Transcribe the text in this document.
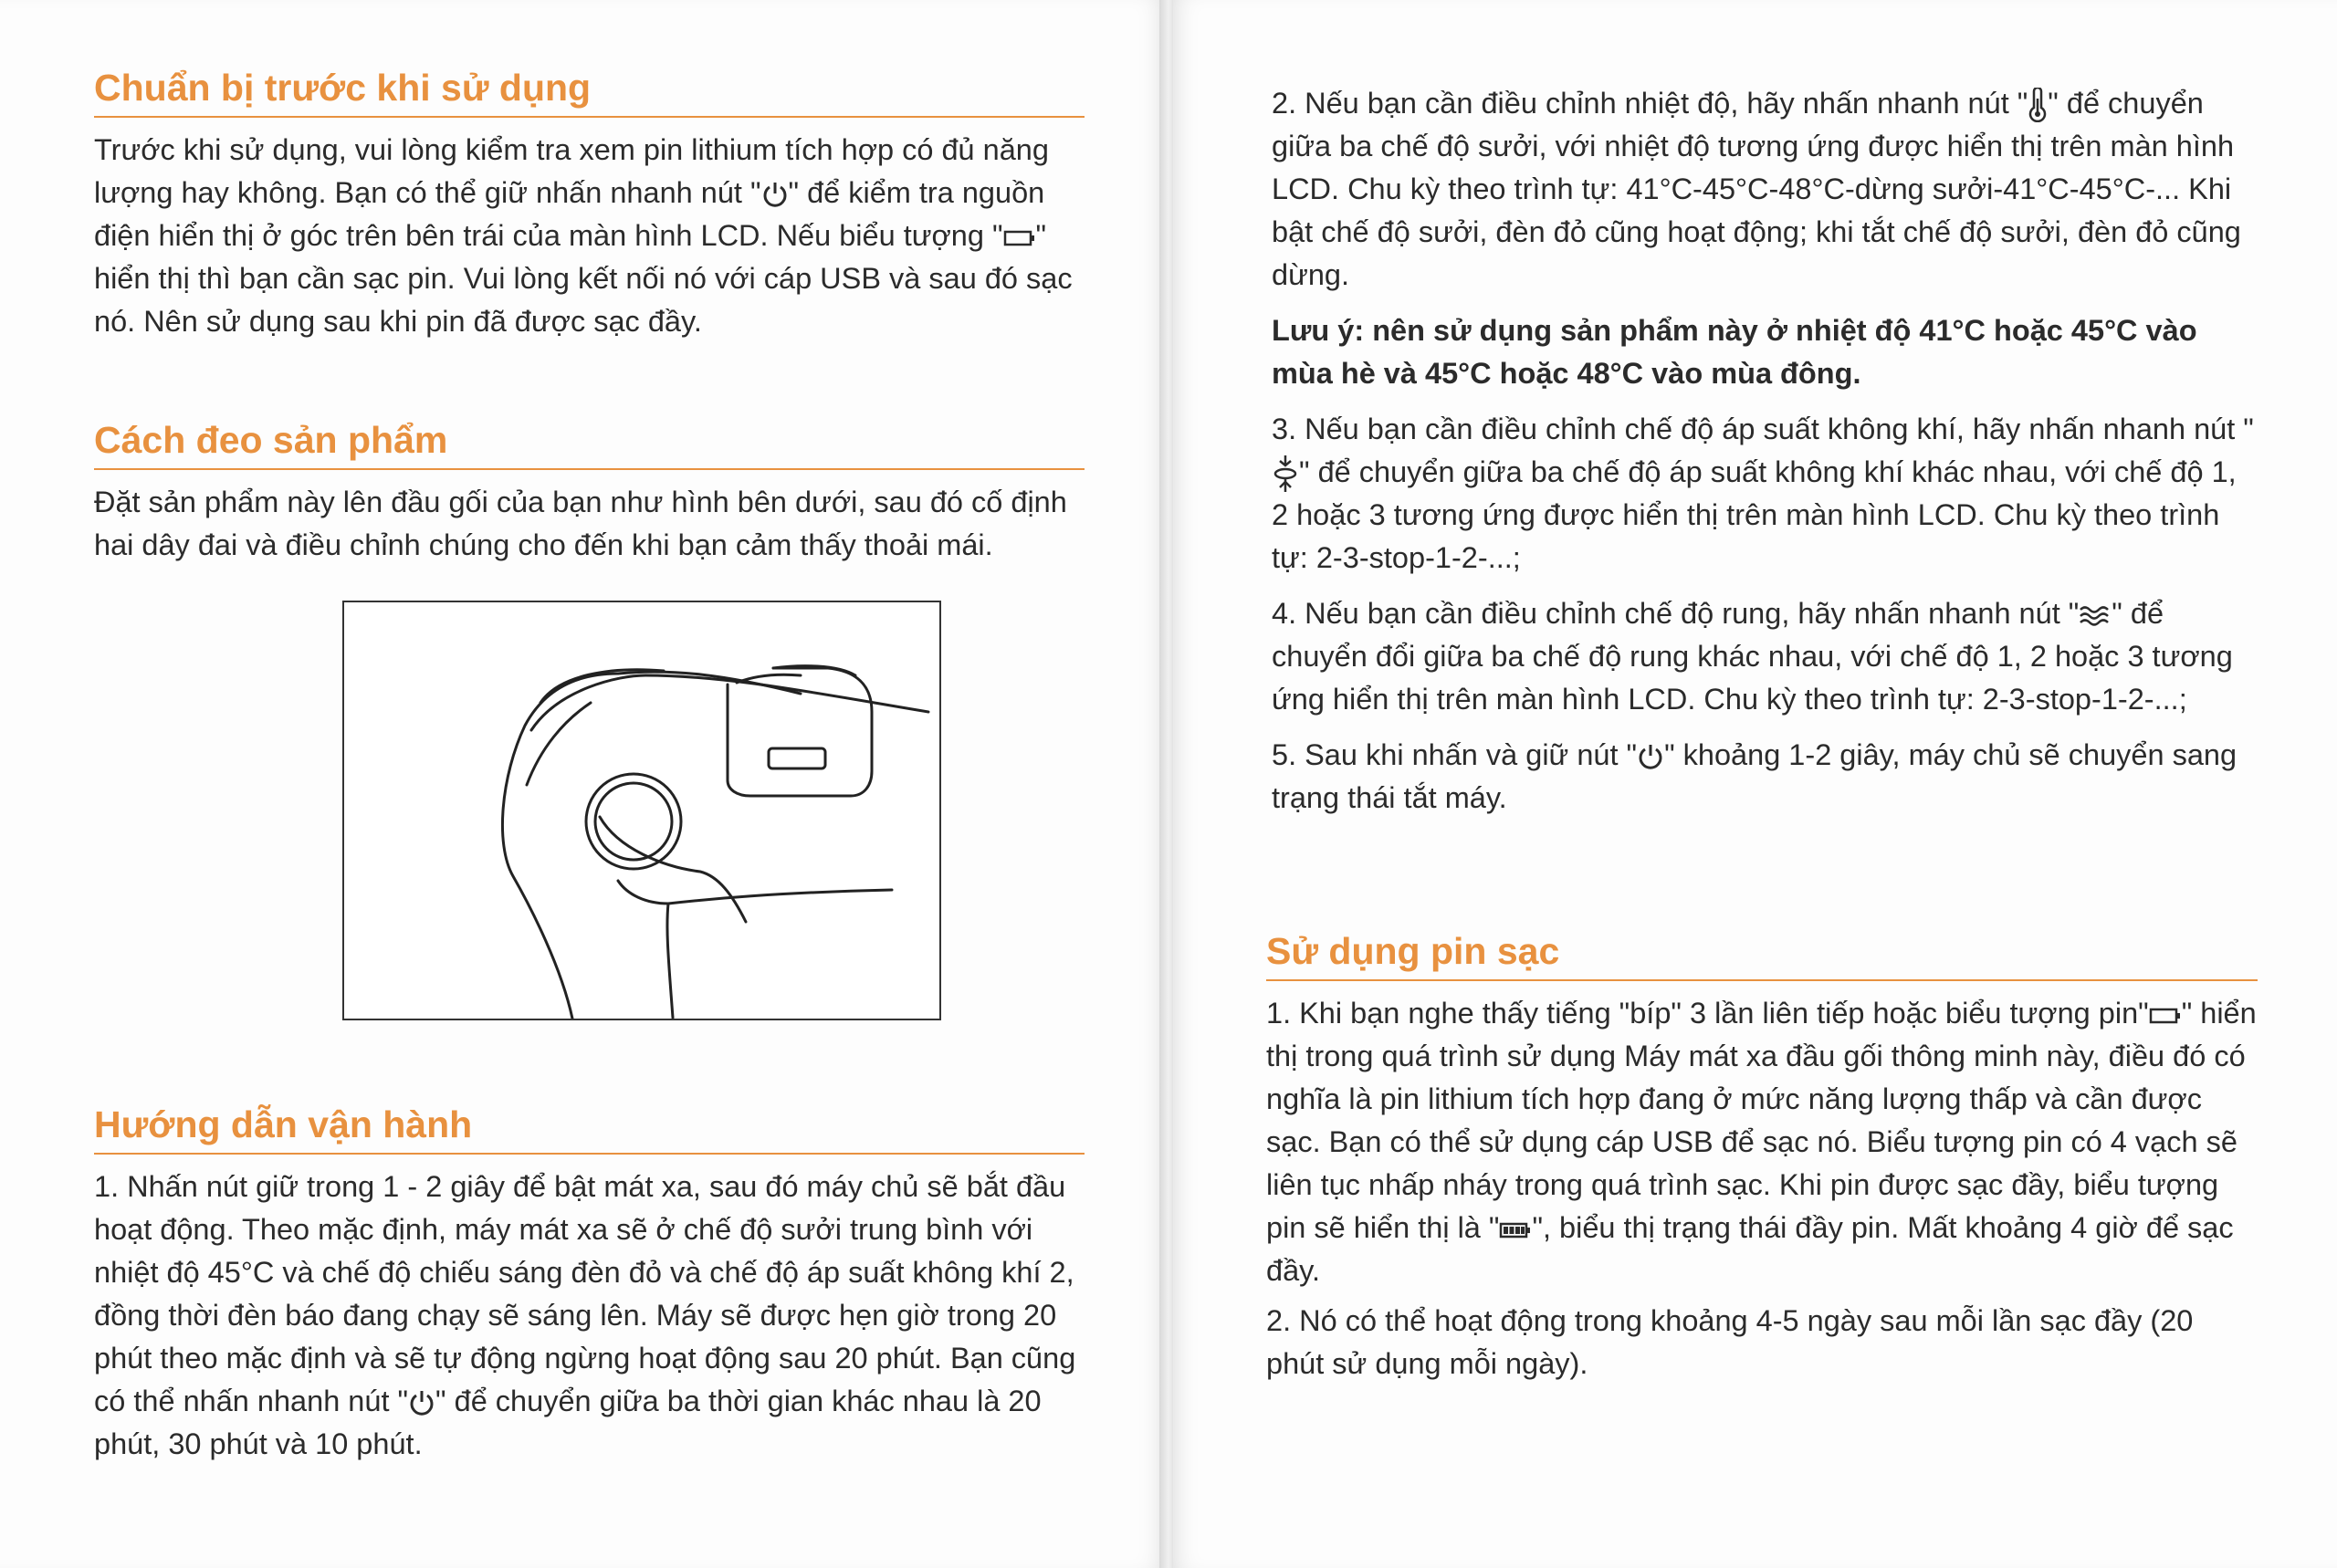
Chuẩn bị trước khi sử dụng

Trước khi sử dụng, vui lòng kiểm tra xem pin lithium tích hợp có đủ năng lượng hay không. Bạn có thể giữ nhấn nhanh nút " " để kiểm tra nguồn điện hiển thị ở góc trên bên trái của màn hình LCD. Nếu biểu tượng " " hiển thị thì bạn cần sạc pin. Vui lòng kết nối nó với cáp USB và sau đó sạc nó. Nên sử dụng sau khi pin đã được sạc đầy.

Cách đeo sản phẩm

Đặt sản phẩm này lên đầu gối của bạn như hình bên dưới, sau đó cố định hai dây đai và điều chỉnh chúng cho đến khi bạn cảm thấy thoải mái.

Hướng dẫn vận hành

1. Nhấn nút giữ trong 1 - 2 giây để bật mát xa, sau đó máy chủ sẽ bắt đầu hoạt động. Theo mặc định, máy mát xa sẽ ở chế độ sưởi trung bình với nhiệt độ 45°C và chế độ chiếu sáng đèn đỏ và chế độ áp suất không khí 2, đồng thời đèn báo đang chạy sẽ sáng lên. Máy sẽ được hẹn giờ trong 20 phút theo mặc định và sẽ tự động ngừng hoạt động sau 20 phút. Bạn cũng có thể nhấn nhanh nút " " để chuyển giữa ba thời gian khác nhau là 20 phút, 30 phút và 10 phút.

2. Nếu bạn cần điều chỉnh nhiệt độ, hãy nhấn nhanh nút " " để chuyển giữa ba chế độ sưởi, với nhiệt độ tương ứng được hiển thị trên màn hình LCD. Chu kỳ theo trình tự: 41°C-45°C-48°C-dừng sưởi-41°C-45°C-... Khi bật chế độ sưởi, đèn đỏ cũng hoạt động; khi tắt chế độ sưởi, đèn đỏ cũng dừng.

Lưu ý: nên sử dụng sản phẩm này ở nhiệt độ 41°C hoặc 45°C vào mùa hè và 45°C hoặc 48°C vào mùa đông.

3. Nếu bạn cần điều chỉnh chế độ áp suất không khí, hãy nhấn nhanh nút "" để chuyển giữa ba chế độ áp suất không khí khác nhau, với chế độ 1, 2 hoặc 3 tương ứng được hiển thị trên màn hình LCD. Chu kỳ theo trình tự: 2-3-stop-1-2-...;

4. Nếu bạn cần điều chỉnh chế độ rung, hãy nhấn nhanh nút " " để chuyển đổi giữa ba chế độ rung khác nhau, với chế độ 1, 2 hoặc 3 tương ứng hiển thị trên màn hình LCD. Chu kỳ theo trình tự: 2-3-stop-1-2-...;

5. Sau khi nhấn và giữ nút " " khoảng 1-2 giây, máy chủ sẽ chuyển sang trạng thái tắt máy.

Sử dụng pin sạc

1. Khi bạn nghe thấy tiếng "bíp" 3 lần liên tiếp hoặc biểu tượng pin" " hiển thị trong quá trình sử dụng Máy mát xa đầu gối thông minh này, điều đó có nghĩa là pin lithium tích hợp đang ở mức năng lượng thấp và cần được sạc. Bạn có thể sử dụng cáp USB để sạc nó. Biểu tượng pin có 4 vạch sẽ liên tục nhấp nháy trong quá trình sạc. Khi pin được sạc đầy, biểu tượng pin sẽ hiển thị là " ", biểu thị trạng thái đầy pin. Mất khoảng 4 giờ để sạc đầy.

2. Nó có thể hoạt động trong khoảng 4-5 ngày sau mỗi lần sạc đầy (20 phút sử dụng mỗi ngày).
